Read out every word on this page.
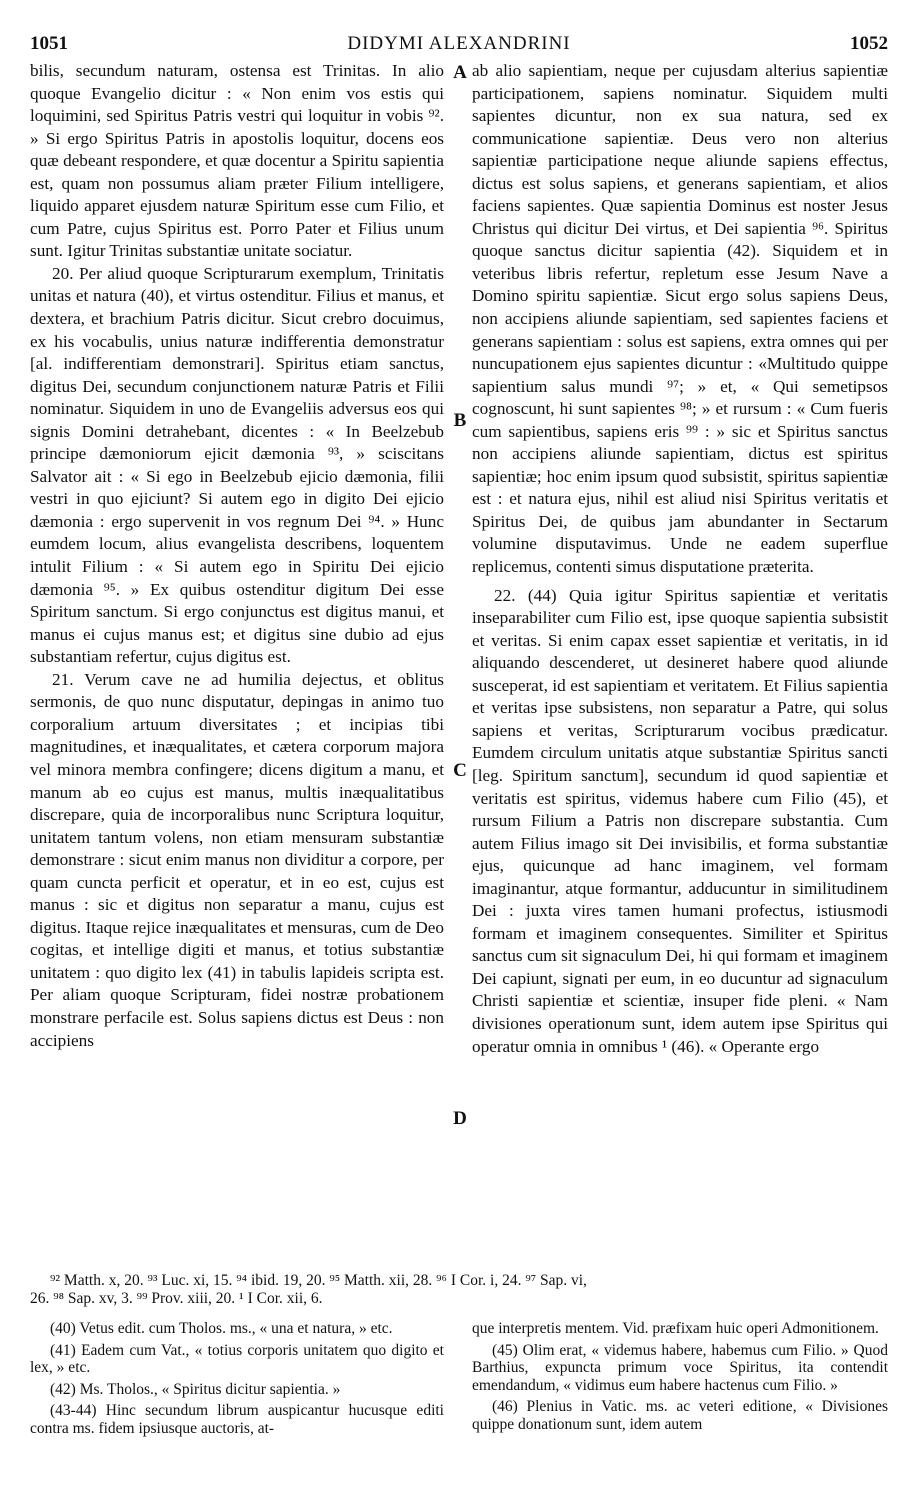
1051	DIDYMI ALEXANDRINI	1052

bilis, secundum naturam, ostensa est Trinitas. In alio quoque Evangelio dicitur : « Non enim vos estis qui loquimini, sed Spiritus Patris vestri qui loquitur in vobis ⁹². » Si ergo Spiritus Patris in apostolis loquitur, docens eos quæ debeant respondere, et quæ docentur a Spiritu sapientia est, quam non possumus aliam præter Filium intelligere, liquido apparet ejusdem naturæ Spiritum esse cum Filio, et cum Patre, cujus Spiritus est. Porro Pater et Filius unum sunt. Igitur Trinitas substantiæ unitate sociatur.

20. Per aliud quoque Scripturarum exemplum, Trinitatis unitas et natura (40), et virtus ostenditur. Filius et manus, et dextera, et brachium Patris dicitur. Sicut crebro docuimus, ex his vocabulis, unius naturæ indifferentia demonstratur [al. indifferentiam demonstrari]. Spiritus etiam sanctus, digitus Dei, secundum conjunctionem naturæ Patris et Filii nominatur. Siquidem in uno de Evangeliis adversus eos qui signis Domini detrahebant, dicentes : « In Beelzebub principe dæmoniorum ejicit dæmonia ⁹³, » sciscitans Salvator ait : « Si ego in Beelzebub ejicio dæmonia, filii vestri in quo ejiciunt? Si autem ego in digito Dei ejicio dæmonia : ergo supervenit in vos regnum Dei ⁹⁴. » Hunc eumdem locum, alius evangelista describens, loquentem intulit Filium : « Si autem ego in Spiritu Dei ejicio dæmonia ⁹⁵. » Ex quibus ostenditur digitum Dei esse Spiritum sanctum. Si ergo conjunctus est digitus manui, et manus ei cujus manus est; et digitus sine dubio ad ejus substantiam refertur, cujus digitus est.

21. Verum cave ne ad humilia dejectus, et oblitus sermonis, de quo nunc disputatur, depingas in animo tuo corporalium artuum diversitates ; et incipias tibi magnitudines, et inæqualitates, et cætera corporum majora vel minora membra confingere; dicens digitum a manu, et manum ab eo cujus est manus, multis inæqualitatibus discrepare, quia de incorporalibus nunc Scriptura loquitur, unitatem tantum volens, non etiam mensuram substantiæ demonstrare : sicut enim manus non dividitur a corpore, per quam cuncta perficit et operatur, et in eo est, cujus est manus : sic et digitus non separatur a manu, cujus est digitus. Itaque rejice inæqualitates et mensuras, cum de Deo cogitas, et intellige digiti et manus, et totius substantiæ unitatem : quo digito lex (41) in tabulis lapideis scripta est. Per aliam quoque Scripturam, fidei nostræ probationem monstrare perfacile est. Solus sapiens dictus est Deus : non accipiens

A
B
C
D

ab alio sapientiam, neque per cujusdam alterius sapientiæ participationem, sapiens nominatur. Siquidem multi sapientes dicuntur, non ex sua natura, sed ex communicatione sapientiæ. Deus vero non alterius sapientiæ participatione neque aliunde sapiens effectus, dictus est solus sapiens, et generans sapientiam, et alios faciens sapientes. Quæ sapientia Dominus est noster Jesus Christus qui dicitur Dei virtus, et Dei sapientia ⁹⁶. Spiritus quoque sanctus dicitur sapientia (42). Siquidem et in veteribus libris refertur, repletum esse Jesum Nave a Domino spiritu sapientiæ. Sicut ergo solus sapiens Deus, non accipiens aliunde sapientiam, sed sapientes faciens et generans sapientiam : solus est sapiens, extra omnes qui per nuncupationem ejus sapientes dicuntur : «Multitudo quippe sapientium salus mundi ⁹⁷; » et, « Qui semetipsos cognoscunt, hi sunt sapientes ⁹⁸; » et rursum : « Cum fueris cum sapientibus, sapiens eris ⁹⁹ : » sic et Spiritus sanctus non accipiens aliunde sapientiam, dictus est spiritus sapientiæ; hoc enim ipsum quod subsistit, spiritus sapientiæ est : et natura ejus, nihil est aliud nisi Spiritus veritatis et Spiritus Dei, de quibus jam abundanter in Sectarum volumine disputavimus. Unde ne eadem superflue replicemus, contenti simus disputatione præterita.

22. (44) Quia igitur Spiritus sapientiæ et veritatis inseparabiliter cum Filio est, ipse quoque sapientia subsistit et veritas. Si enim capax esset sapientiæ et veritatis, in id aliquando descenderet, ut desineret habere quod aliunde susceperat, id est sapientiam et veritatem. Et Filius sapientia et veritas ipse subsistens, non separatur a Patre, qui solus sapiens et veritas, Scripturarum vocibus prædicatur. Eumdem circulum unitatis atque substantiæ Spiritus sancti [leg. Spiritum sanctum], secundum id quod sapientiæ et veritatis est spiritus, videmus habere cum Filio (45), et rursum Filium a Patris non discrepare substantia. Cum autem Filius imago sit Dei invisibilis, et forma substantiæ ejus, quicunque ad hanc imaginem, vel formam imaginantur, atque formantur, adducuntur in similitudinem Dei : juxta vires tamen humani profectus, istiusmodi formam et imaginem consequentes. Similiter et Spiritus sanctus cum sit signaculum Dei, hi qui formam et imaginem Dei capiunt, signati per eum, in eo ducuntur ad signaculum Christi sapientiæ et scientiæ, insuper fide pleni. « Nam divisiones operationum sunt, idem autem ipse Spiritus qui operatur omnia in omnibus ¹ (46). « Operante ergo

⁹² Matth. x, 20. ⁹³ Luc. xi, 15. ⁹⁴ ibid. 19, 20. ⁹⁵ Matth. xii, 28. ⁹⁶ I Cor. i, 24. ⁹⁷ Sap. vi,
26. ⁹⁸ Sap. xv, 3. ⁹⁹ Prov. xiii, 20. ¹ I Cor. xii, 6.

(40) Vetus edit. cum Tholos. ms., « una et natura, » etc.

(41) Eadem cum Vat., « totius corporis unitatem quo digito et lex, » etc.

(42) Ms. Tholos., « Spiritus dicitur sapientia. »

(43-44) Hinc secundum librum auspicantur hucusque editi contra ms. fidem ipsiusque auctoris, at-

que interpretis mentem. Vid. præfixam huic operi Admonitionem.

(45) Olim erat, « videmus habere, habemus cum Filio. » Quod Barthius, expuncta primum voce Spiritus, ita contendit emendandum, « vidimus eum habere hactenus cum Filio. »

(46) Plenius in Vatic. ms. ac veteri editione, « Divisiones quippe donationum sunt, idem autem
